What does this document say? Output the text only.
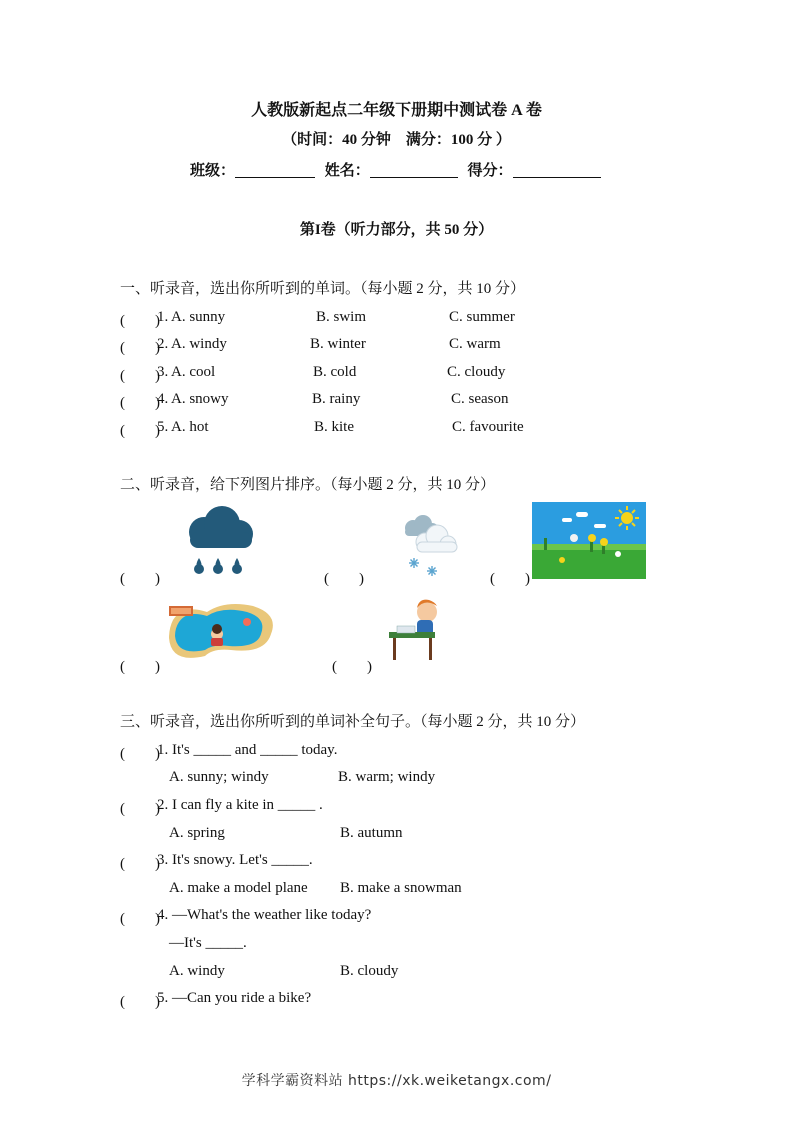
人教版新起点二年级下册期中测试卷 A 卷
（时间：40 分钟　满分：100 分 ）
班级：	姓名：	得分：
第I卷（听力部分，共 50 分）
一、听录音，选出你所听到的单词。（每小题 2 分，共 10 分）
(　　)
1. A. sunny	B. swim	C. summer
(　　)
2. A. windy	B. winter	C. warm
(　　)
3. A. cool	B. cold	C. cloudy
(　　)
4. A. snowy	B. rainy	C. season
(　　)
5. A. hot	B. kite	C. favourite
二、听录音，给下列图片排序。（每小题 2 分，共 10 分）
(　　)	(　　)	(　　)
(　　)	(　　)
三、听录音，选出你所听到的单词补全句子。（每小题 2 分，共 10 分）
(　　)
1. It's _____ and _____ today.
A. sunny; windy	B. warm; windy
(　　)
2. I can fly a kite in _____ .
A. spring	B. autumn
(　　)
3. It's snowy. Let's _____.
A. make a model plane B. make a snowman
(　　)
4. —What's the weather like today?
—It's _____.
A. windy	B. cloudy
(　　)
5. —Can you ride a bike?
学科学霸资料站 https://xk.weiketangx.com/
